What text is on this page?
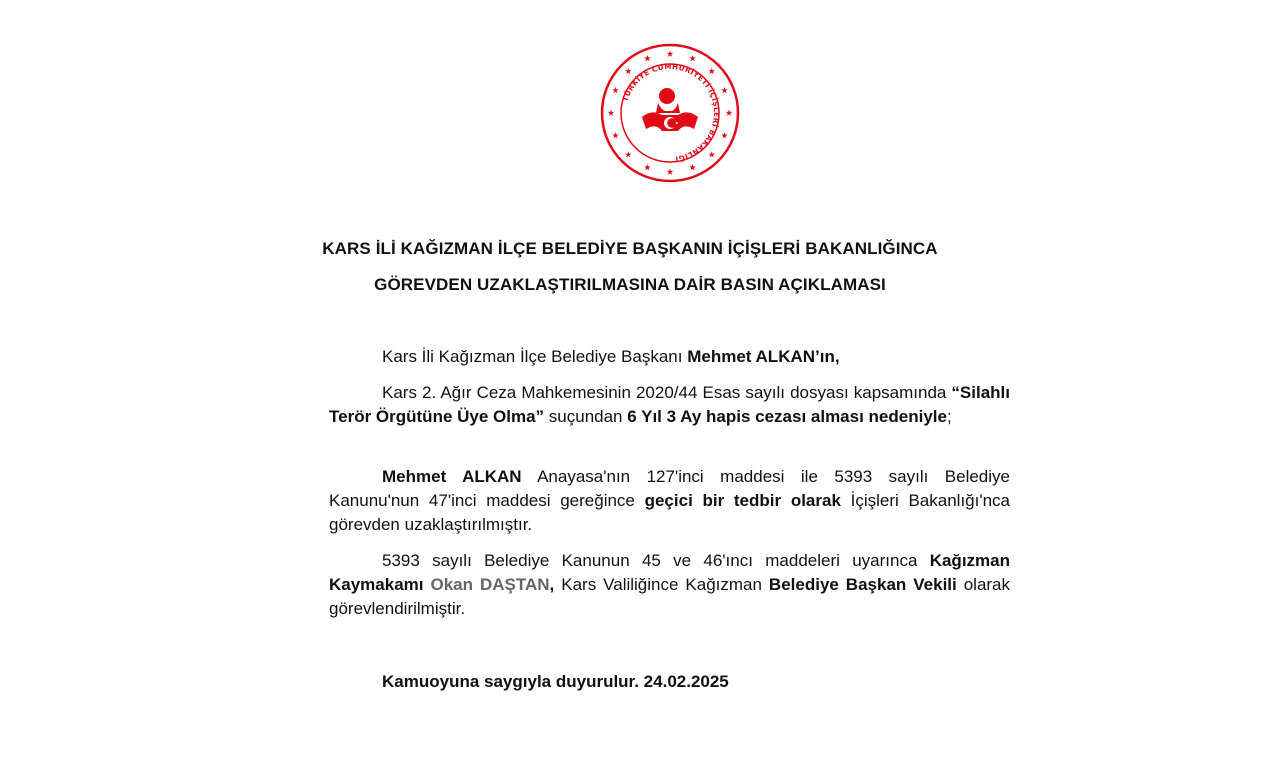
TÜRKİYE CUMHURİYETİ İÇİŞLERİ BAKANLIĞI
KARS İLİ KAĞIZMAN İLÇE BELEDİYE BAŞKANIN İÇİŞLERİ BAKANLIĞINCA
GÖREVDEN UZAKLAŞTIRILMASINA DAİR BASIN AÇIKLAMASI

Kars İli Kağızman İlçe Belediye Başkanı Mehmet ALKAN’ın,

Kars 2. Ağır Ceza Mahkemesinin 2020/44 Esas sayılı dosyası kapsamında “Silahlı Terör Örgütüne Üye Olma” suçundan 6 Yıl 3 Ay hapis cezası alması nedeniyle;

Mehmet ALKAN Anayasa'nın 127'inci maddesi ile 5393 sayılı Belediye Kanunu'nun 47'inci maddesi gereğince geçici bir tedbir olarak İçişleri Bakanlığı'nca görevden uzaklaştırılmıştır.

5393 sayılı Belediye Kanunun 45 ve 46'ıncı maddeleri uyarınca Kağızman Kaymakamı Okan DAŞTAN, Kars Valiliğince Kağızman Belediye Başkan Vekili olarak görevlendirilmiştir.

Kamuoyuna saygıyla duyurulur. 24.02.2025
